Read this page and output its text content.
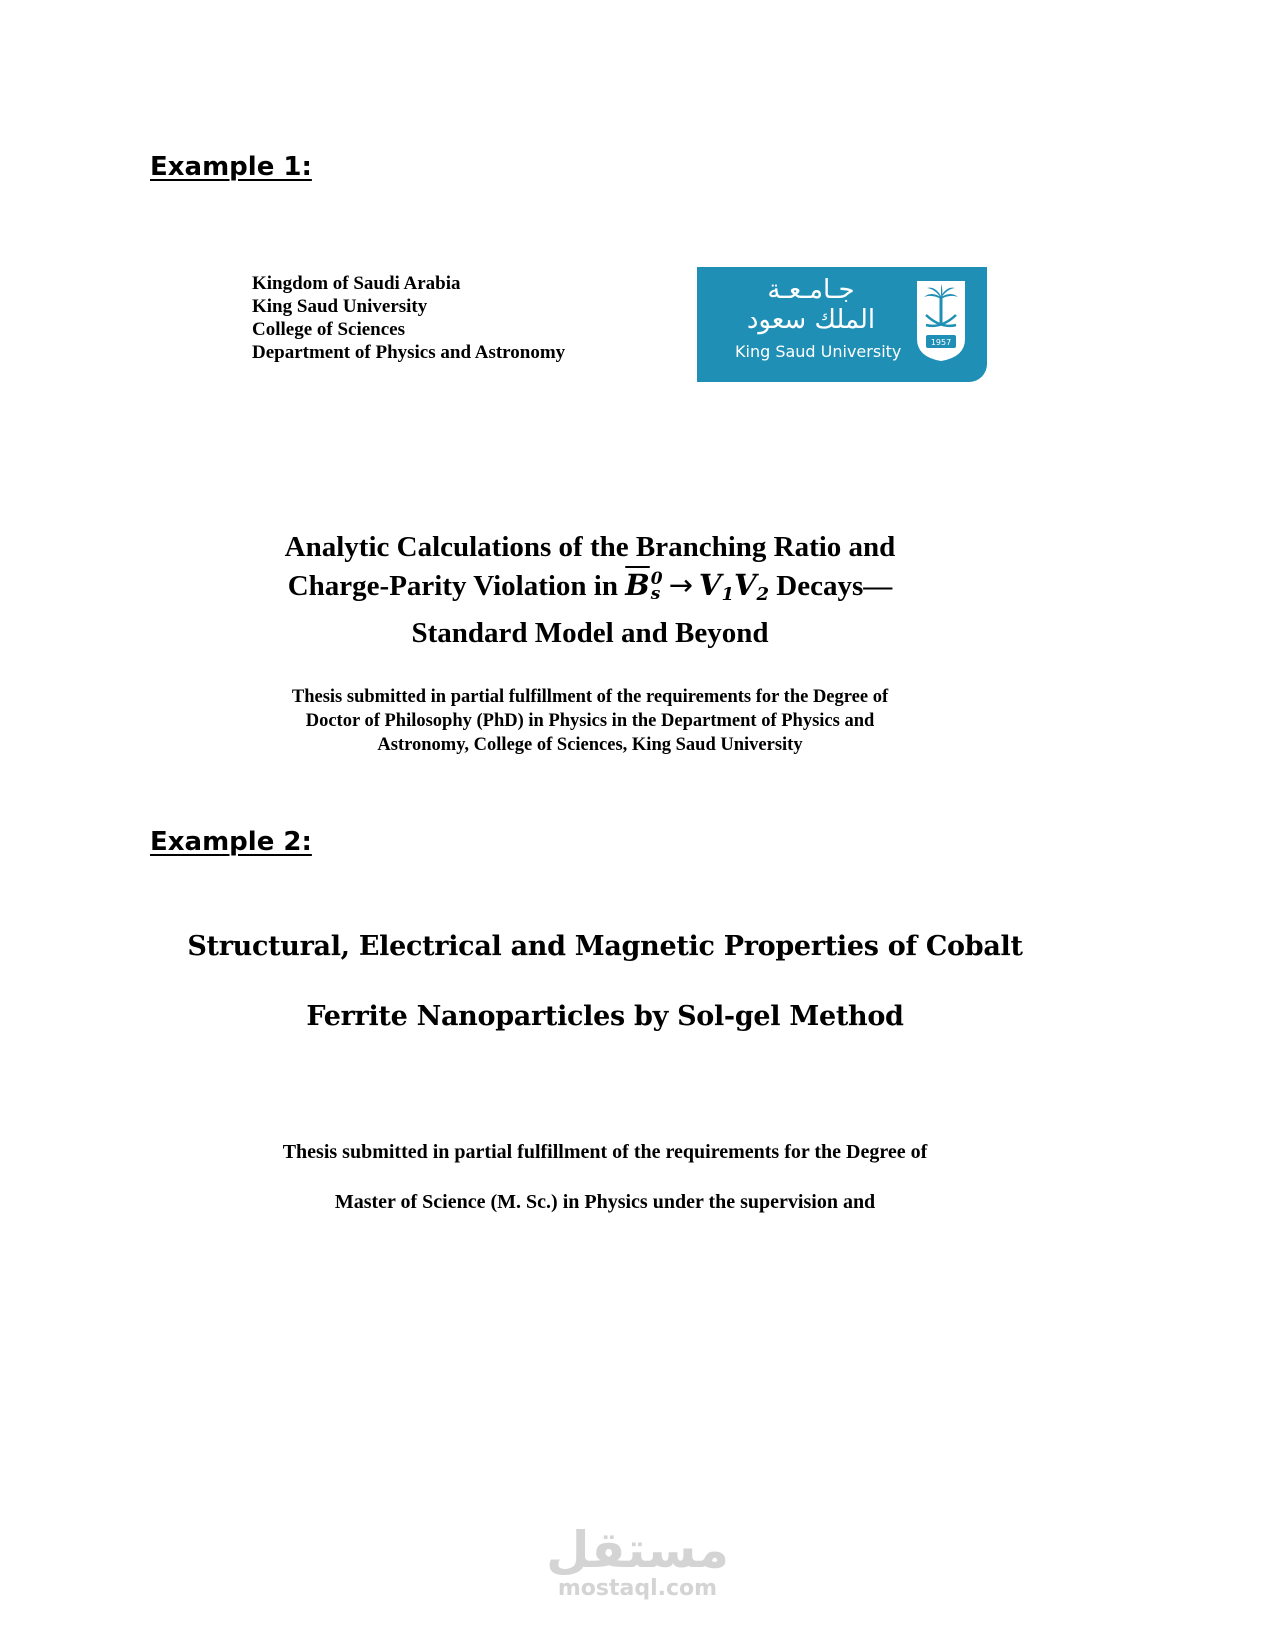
Example 1:
Kingdom of Saudi Arabia
King Saud University
College of Sciences
Department of Physics and Astronomy
جـامـعـة
الملك سعود
King Saud University	1957
Analytic Calculations of the Branching Ratio and
Charge-Parity Violation in $\overline{B}$ 0
$s \to V_1V_2$ Decays—
Standard Model and Beyond
Thesis submitted in partial fulfillment of the requirements for the Degree of
Doctor of Philosophy (PhD) in Physics in the Department of Physics and
Astronomy, College of Sciences, King Saud University
Example 2:
Structural, Electrical and Magnetic Properties of Cobalt
Ferrite Nanoparticles by Sol-gel Method
Thesis submitted in partial fulfillment of the requirements for the Degree of
Master of Science (M. Sc.) in Physics under the supervision and
مستقل
mostaql.com
